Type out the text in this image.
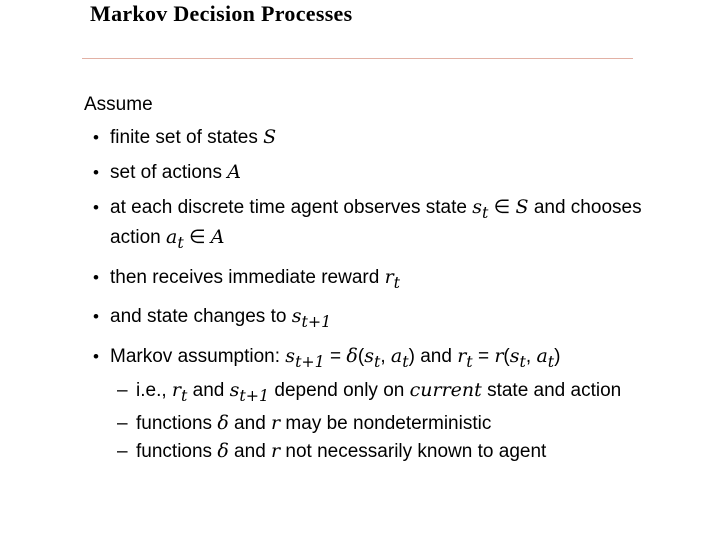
Markov Decision Processes

Assume

• finite set of states S
• set of actions A
• at each discrete time agent observes state $s_t$ ∈ S and chooses action $a_t$ ∈ A
• then receives immediate reward $r_t$
• and state changes to $s_{t+1}$
• Markov assumption: $s_{t+1} = \delta(s_t$, $a_t$) and $r_t = r(s_t$, $a_t$)
– i.e., $r_t$ and $s_{t+1}$ depend only on current state and action
– functions δ and r may be nondeterministic
– functions δ and r not necessarily known to agent
